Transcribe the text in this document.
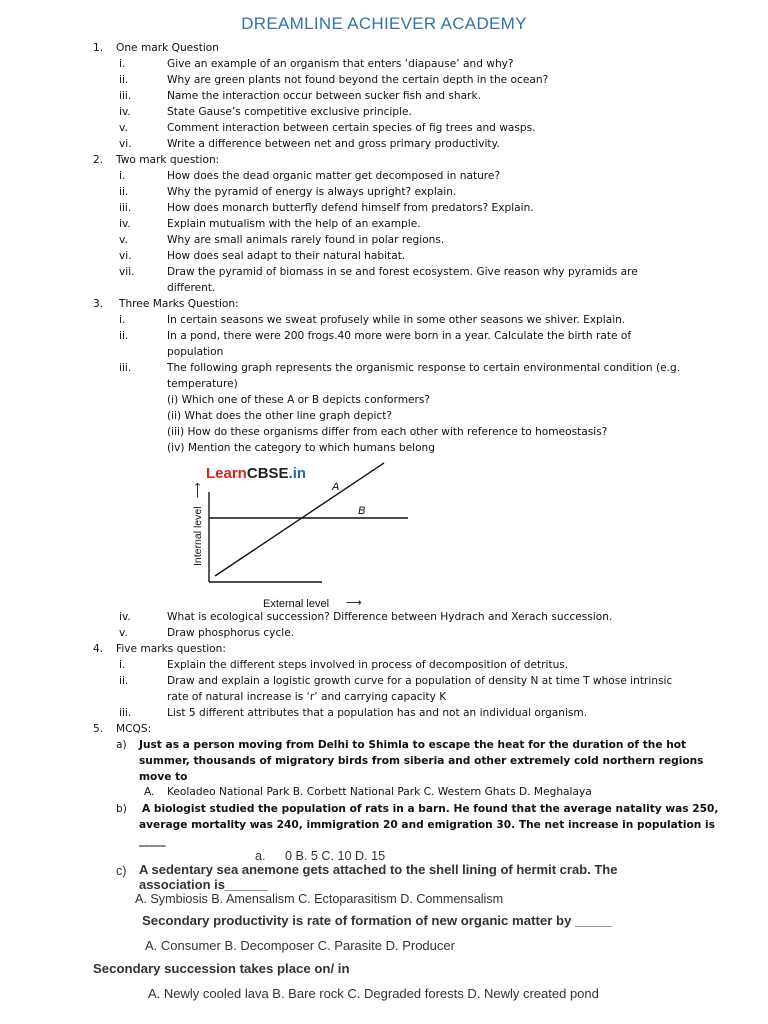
DREAMLINE ACHIEVER ACADEMY
1. One mark Question
i.	Give an example of an organism that enters ‘diapause’ and why?
ii.	Why are green plants not found beyond the certain depth in the ocean?
iii.	Name the interaction occur between sucker fish and shark.
iv.	State Gause’s competitive exclusive principle.
v.	Comment interaction between certain species of fig trees and wasps.
vi.	Write a difference between net and gross primary productivity.
2. Two mark question:
i.	How does the dead organic matter get decomposed in nature?
ii.	Why the pyramid of energy is always upright? explain.
iii.	How does monarch butterfly defend himself from predators? Explain.
iv.	Explain mutualism with the help of an example.
v.	Why are small animals rarely found in polar regions.
vi.	How does seal adapt to their natural habitat.
vii.	Draw the pyramid of biomass in se and forest ecosystem. Give reason why pyramids are
different.
3. Three Marks Question:
i.	In certain seasons we sweat profusely while in some other seasons we shiver. Explain.
ii.	In a pond, there were 200 frogs.40 more were born in a year. Calculate the birth rate of
population
iii.	The following graph represents the organismic response to certain environmental condition (e.g.
temperature)
(i) Which one of these A or B depicts conformers?
(ii) What does the other line graph depict?
(iii) How do these organisms differ from each other with reference to homeostasis?
(iv) Mention the category to which humans belong
LearnCBSE.in
A
B
Internal level
⟶
External level ⟶
iv.	What is ecological succession? Difference between Hydrach and Xerach succession.
v.	Draw phosphorus cycle.
4. Five marks question:
i.	Explain the different steps involved in process of decomposition of detritus.
ii.	Draw and explain a logistic growth curve for a population of density N at time T whose intrinsic
rate of natural increase is ‘r’ and carrying capacity K
iii.	List 5 different attributes that a population has and not an individual organism.
5. MCQS:
a) Just as a person moving from Delhi to Shimla to escape the heat for the duration of the hot
summer, thousands of migratory birds from siberia and other extremely cold northern regions
move to
A. Keoladeo National Park B. Corbett National Park C. Western Ghats D. Meghalaya
b) A biologist studied the population of rats in a barn. He found that the average natality was 250,
average mortality was 240, immigration 20 and emigration 30. The net increase in population is
_____
a. 0 B. 5 C. 10 D. 15
c) A sedentary sea anemone gets attached to the shell lining of hermit crab. The
association is______
A. Symbiosis B. Amensalism C. Ectoparasitism D. Commensalism
Secondary productivity is rate of formation of new organic matter by _____
A. Consumer B. Decomposer C. Parasite D. Producer
Secondary succession takes place on/ in
A. Newly cooled lava B. Bare rock C. Degraded forests D. Newly created pond
